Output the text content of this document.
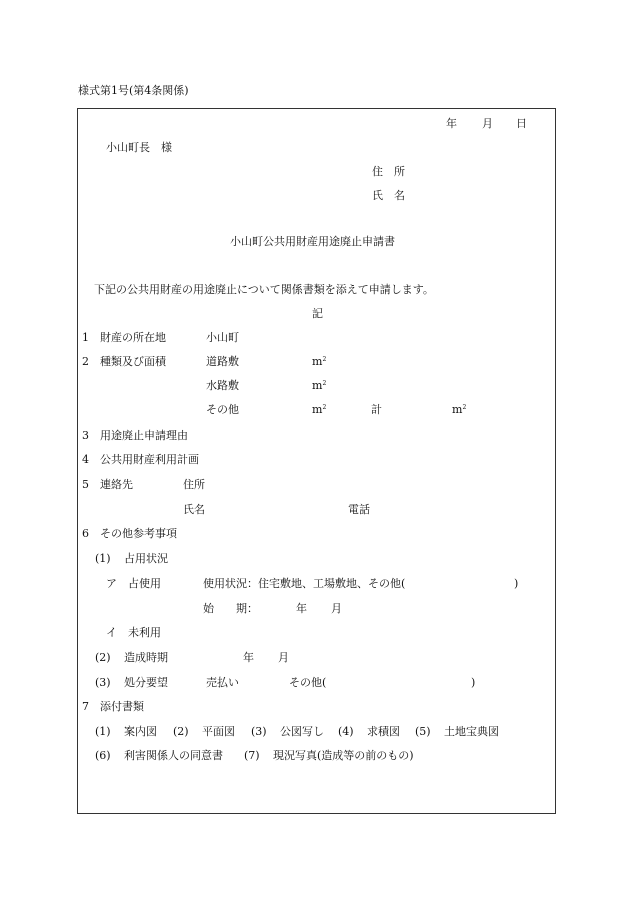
様式第1号(第4条関係)
年 月 日
小山町長　様
住　所
氏　名
小山町公共用財産用途廃止申請書
下記の公共用財産の用途廃止について関係書類を添えて申請します。
記
1 財産の所在地	小山町
2 種類及び面積	道路敷	$m^2$
水路敷	$m^2$
その他	$m^2$	計	$m^2$
3 用途廃止申請理由
4 公共用財産利用計画
5 連絡先	住所
氏名	電話
6 その他参考事項
(1) 占用状況
ア　占使用	使用状況：住宅敷地、工場敷地、その他(	)
始　　期：	年 月
イ　未利用
(2) 造成時期	年 月
(3) 処分要望	売払い	その他(	)
7 添付書類
(1) 案内図 (2) 平面図 (3) 公図写し (4) 求積図 (5) 土地宝典図
(6) 利害関係人の同意書 (7) 現況写真(造成等の前のもの)
